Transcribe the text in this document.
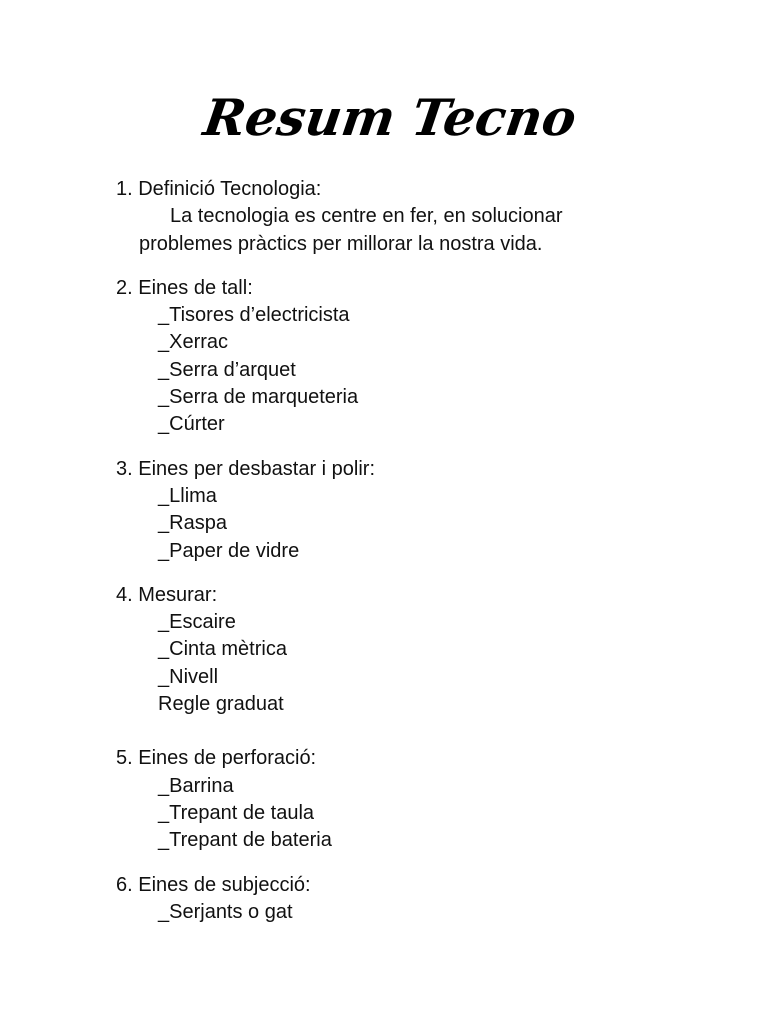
Resum Tecno
1. Definició Tecnologia:
La tecnologia es centre en fer, en solucionar
problemes pràctics per millorar la nostra vida.
2. Eines de tall:
_Tisores d’electricista
_Xerrac
_Serra d’arquet
_Serra de marqueteria
_Cúrter
3. Eines per desbastar i polir:
_Llima
_Raspa
_Paper de vidre
4. Mesurar:
_Escaire
_Cinta mètrica
_Nivell
Regle graduat
5. Eines de perforació:
_Barrina
_Trepant de taula
_Trepant de bateria
6. Eines de subjecció:
_Serjants o gat
